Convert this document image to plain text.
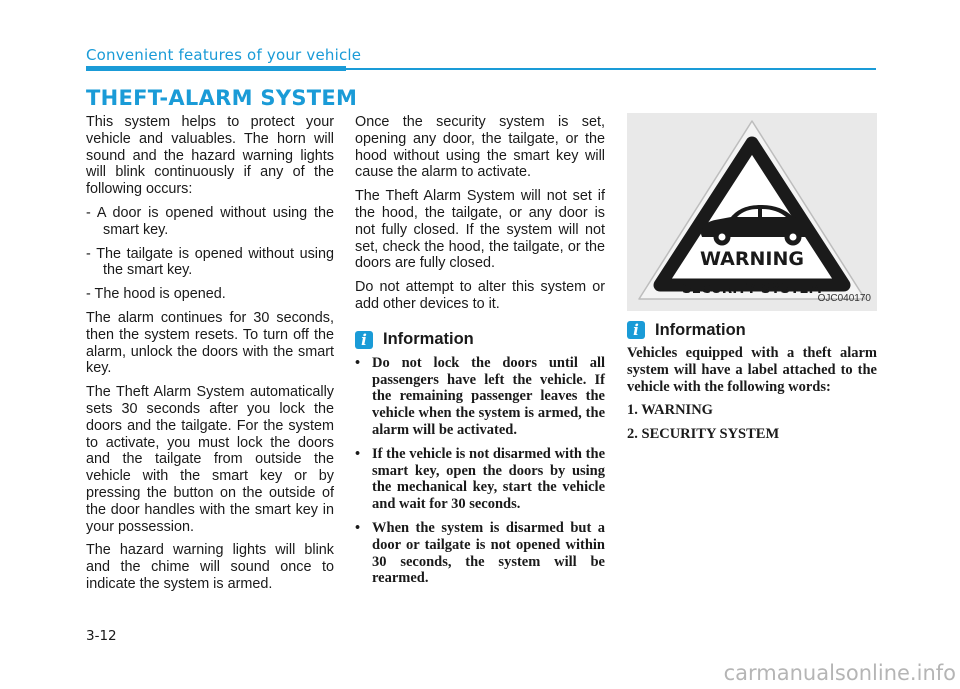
Convenient features of your vehicle
THEFT-ALARM SYSTEM

This system helps to protect your vehicle and valuables. The horn will sound and the hazard warning lights will blink continuously if any of the following occurs:

- A door is opened without using the smart key.

- The tailgate is opened without using the smart key.

- The hood is opened.

The alarm continues for 30 seconds, then the system resets. To turn off the alarm, unlock the doors with the smart key.

The Theft Alarm System automatically sets 30 seconds after you lock the doors and the tailgate. For the system to activate, you must lock the doors and the tailgate from outside the vehicle with the smart key or by pressing the button on the outside of the door handles with the smart key in your possession.

The hazard warning lights will blink and the chime will sound once to indicate the system is armed.

Once the security system is set, opening any door, the tailgate, or the hood without using the smart key will cause the alarm to activate.

The Theft Alarm System will not set if the hood, the tailgate, or any door is not fully closed. If the system will not set, check the hood, the tailgate, or the doors are fully closed.

Do not attempt to alter this system or add other devices to it.

i Information
• Do not lock the doors until all passengers have left the vehicle. If the remaining passenger leaves the vehicle when the system is armed, the alarm will be activated.
• If the vehicle is not disarmed with the smart key, open the doors by using the mechanical key, start the vehicle and wait for 30 seconds.
• When the system is disarmed but a door or tailgate is not opened within 30 seconds, the system will be rearmed.
WARNING
SECURITY SYSTEM
OJC040170
i Information

Vehicles equipped with a theft alarm system will have a label attached to the vehicle with the following words:

1. WARNING

2. SECURITY SYSTEM

3-12
carmanualsonline.info
